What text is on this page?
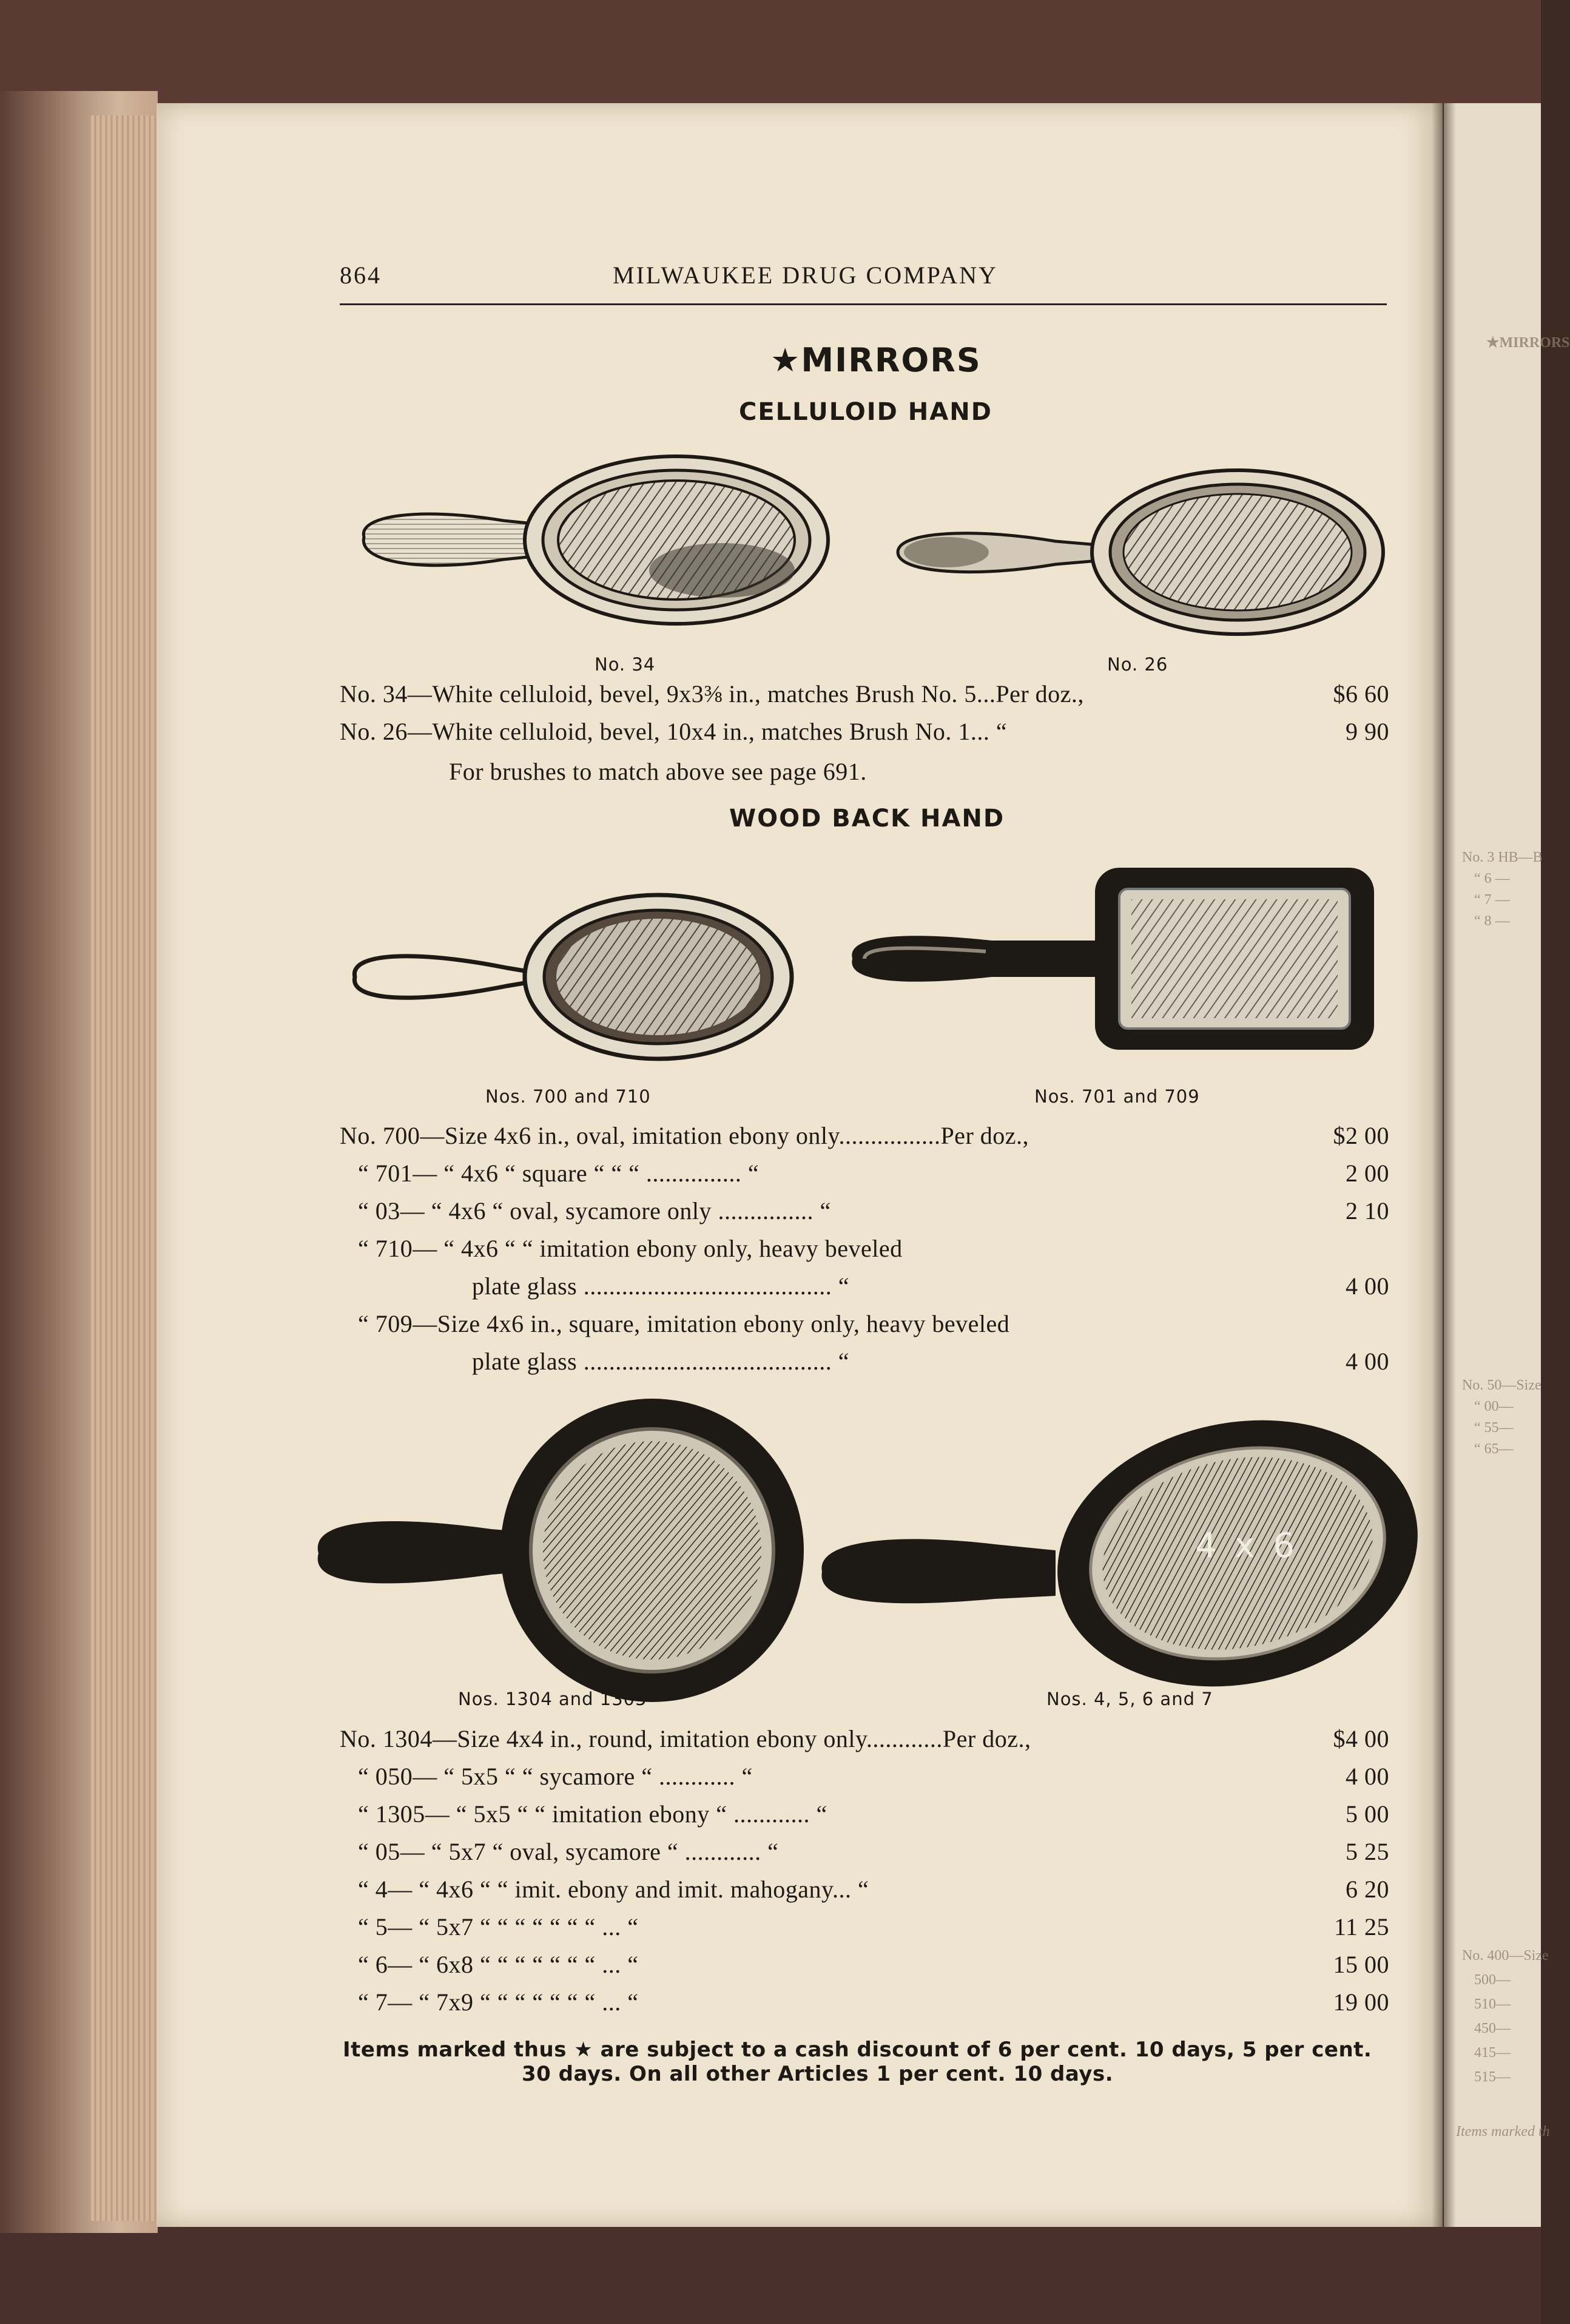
★MIRRORS
No. 3 HB—B
“ 6 —
“ 7 —
“ 8 —
No. 50—Size
“ 00—
“ 55—
“ 65—
No. 400—Size
500—
510—
450—
415—
515—
Items marked th
864	MILWAUKEE DRUG COMPANY
★MIRRORS
CELLULOID HAND
No. 34	No. 26
No. 34—White celluloid, bevel, 9x3⅜ in., matches Brush No. 5...Per doz.,	$6 60
No. 26—White celluloid, bevel, 10x4 in., matches Brush No. 1... “	9 90
For brushes to match above see page 691.
WOOD BACK HAND
Nos. 700 and 710	Nos. 701 and 709
No. 700—Size 4x6 in., oval, imitation ebony only................Per doz.,	$2 00
“ 701— “ 4x6 “ square “ “ “ ............... “	2 00
“ 03— “ 4x6 “ oval, sycamore only ............... “	2 10
“ 710— “ 4x6 “ “ imitation ebony only, heavy beveled
plate glass ....................................... “	4 00
“ 709—Size 4x6 in., square, imitation ebony only, heavy beveled
plate glass ....................................... “	4 00
4 x 6
Nos. 1304 and 1305	Nos. 4, 5, 6 and 7
No. 1304—Size 4x4 in., round, imitation ebony only............Per doz.,	$4 00
“ 050— “ 5x5 “ “ sycamore “ ............ “	4 00
“ 1305— “ 5x5 “ “ imitation ebony “ ............ “	5 00
“ 05— “ 5x7 “ oval, sycamore “ ............ “	5 25
“ 4— “ 4x6 “ “ imit. ebony and imit. mahogany... “	6 20
“ 5— “ 5x7 “ “ “ “ “ “ “ ... “	11 25
“ 6— “ 6x8 “ “ “ “ “ “ “ ... “	15 00
“ 7— “ 7x9 “ “ “ “ “ “ “ ... “	19 00
Items marked thus ★ are subject to a cash discount of 6 per cent. 10 days, 5 per cent.
30 days. On all other Articles 1 per cent. 10 days.
